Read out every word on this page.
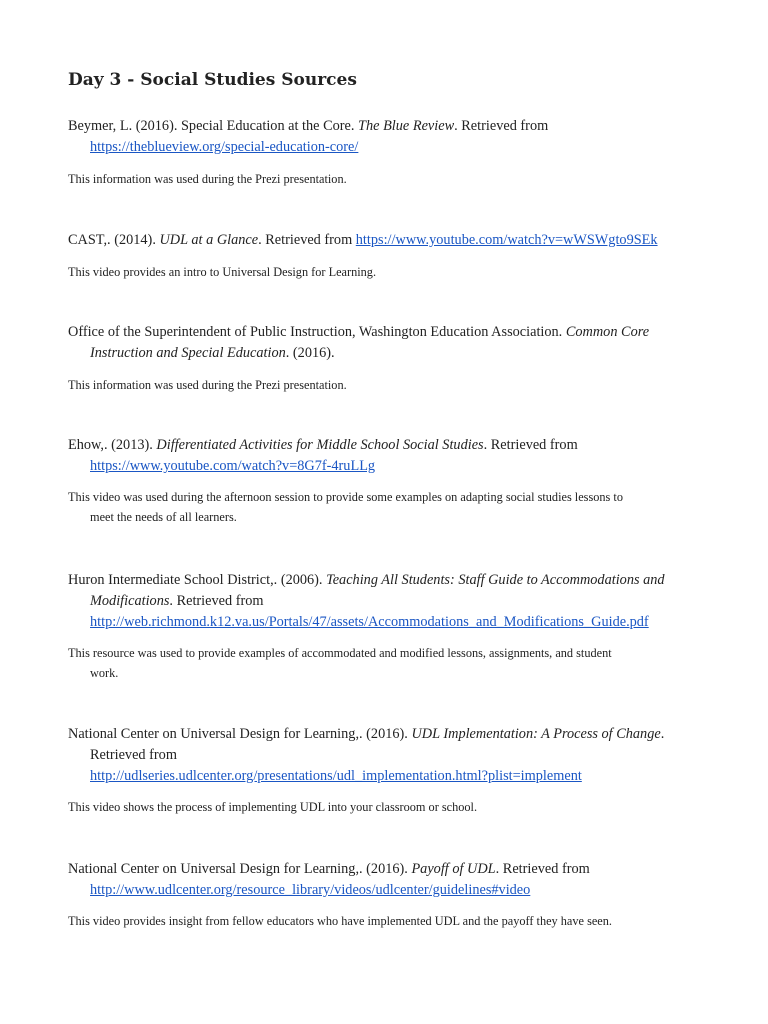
Day 3 - Social Studies Sources

Beymer, L. (2016). Special Education at the Core. The Blue Review. Retrieved from
https://theblueview.org/special-education-core/

This information was used during the Prezi presentation.

CAST,. (2014). UDL at a Glance. Retrieved from https://www.youtube.com/watch?v=wWSWgto9SEk

This video provides an intro to Universal Design for Learning.

Office of the Superintendent of Public Instruction, Washington Education Association. Common Core
Instruction and Special Education. (2016).

This information was used during the Prezi presentation.

Ehow,. (2013). Differentiated Activities for Middle School Social Studies. Retrieved from
https://www.youtube.com/watch?v=8G7f-4ruLLg

This video was used during the afternoon session to provide some examples on adapting social studies lessons to
meet the needs of all learners.

Huron Intermediate School District,. (2006). Teaching All Students: Staff Guide to Accommodations and
Modifications. Retrieved from
http://web.richmond.k12.va.us/Portals/47/assets/Accommodations_and_Modifications_Guide.pdf

This resource was used to provide examples of accommodated and modified lessons, assignments, and student
work.

National Center on Universal Design for Learning,. (2016). UDL Implementation: A Process of Change.
Retrieved from
http://udlseries.udlcenter.org/presentations/udl_implementation.html?plist=implement

This video shows the process of implementing UDL into your classroom or school.

National Center on Universal Design for Learning,. (2016). Payoff of UDL. Retrieved from
http://www.udlcenter.org/resource_library/videos/udlcenter/guidelines#video

This video provides insight from fellow educators who have implemented UDL and the payoff they have seen.
